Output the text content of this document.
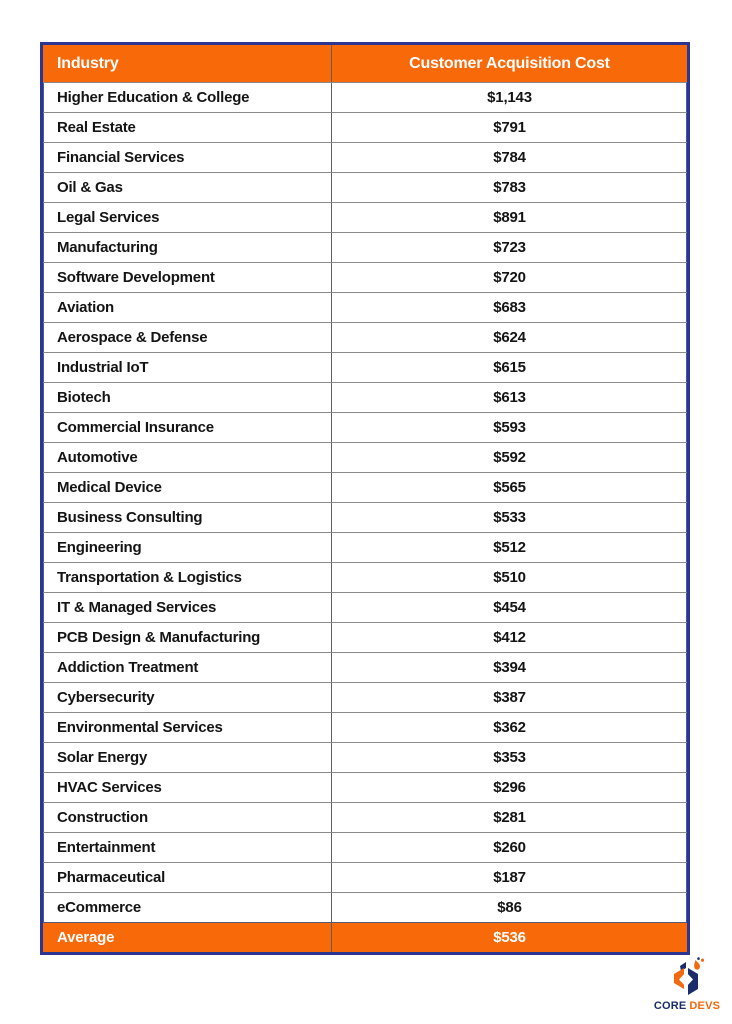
Industry	Customer Acquisition Cost
Higher Education & College	$1,143
Real Estate	$791
Financial Services	$784
Oil & Gas	$783
Legal Services	$891
Manufacturing	$723
Software Development	$720
Aviation	$683
Aerospace & Defense	$624
Industrial IoT	$615
Biotech	$613
Commercial Insurance	$593
Automotive	$592
Medical Device	$565
Business Consulting	$533
Engineering	$512
Transportation & Logistics	$510
IT & Managed Services	$454
PCB Design & Manufacturing	$412
Addiction Treatment	$394
Cybersecurity	$387
Environmental Services	$362
Solar Energy	$353
HVAC Services	$296
Construction	$281
Entertainment	$260
Pharmaceutical	$187
eCommerce	$86
Average	$536
CORE DEVS
